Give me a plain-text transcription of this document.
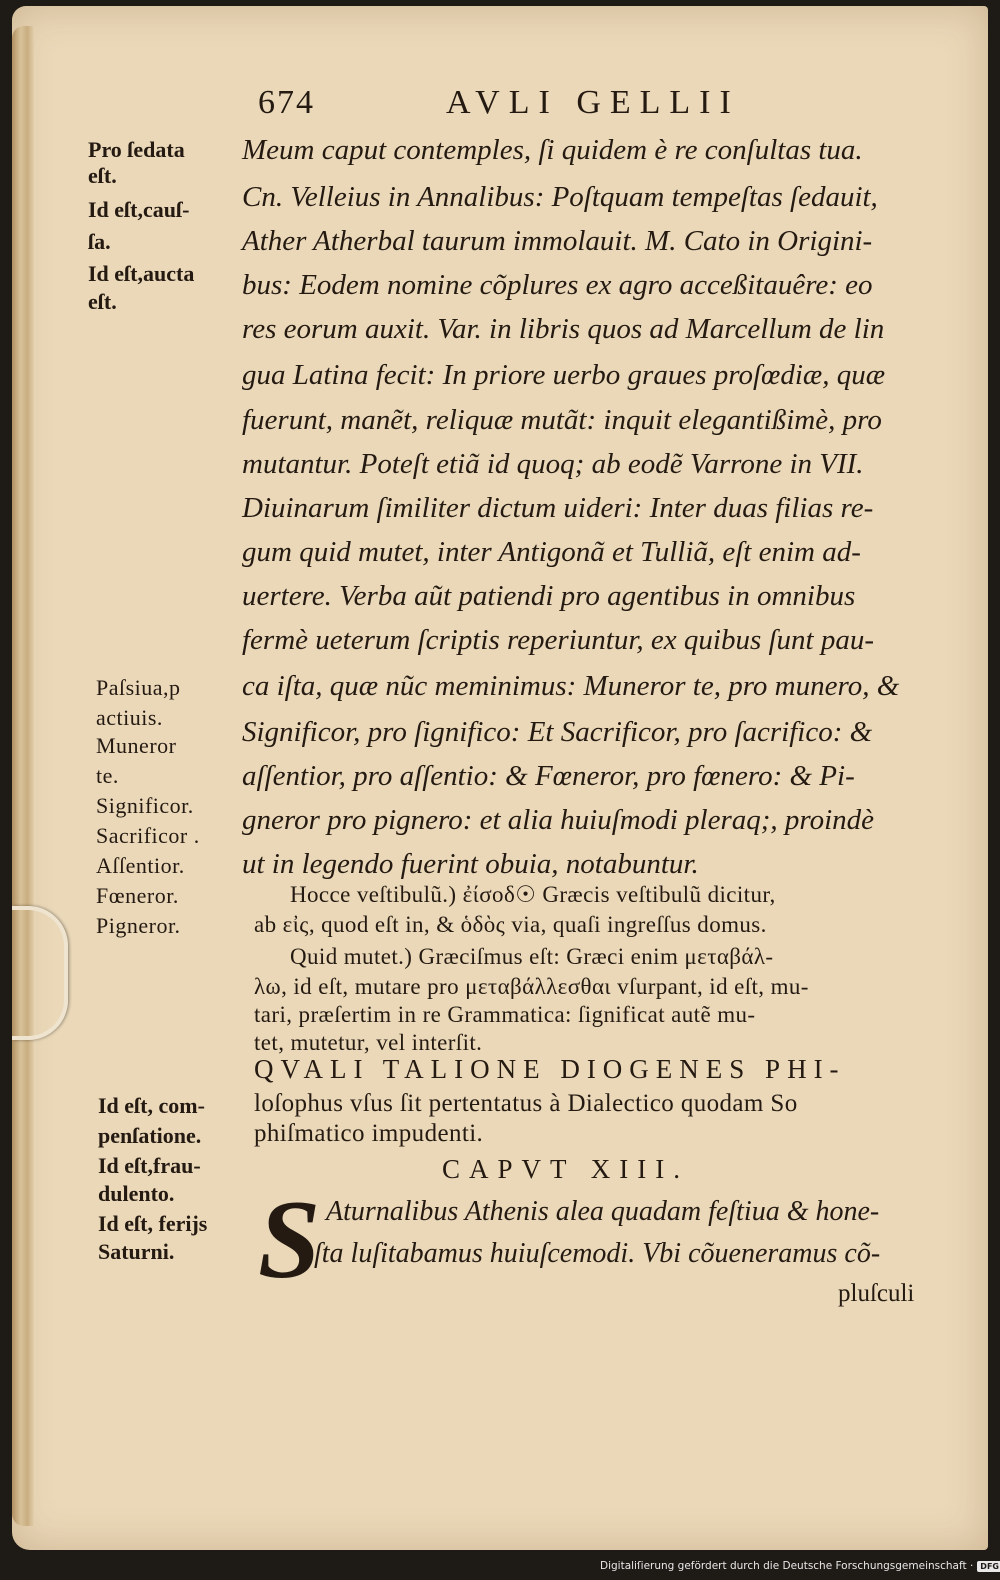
674	AVLI GELLII
Pro ſedata
eſt.
Id eſt,cauſ-
ſa.
Id eſt,aucta
eſt.
Paſsiua,p
actiuis.
Muneror
te.
Significor.
Sacrificor .
Aſſentior.
Fœneror.
Pigneror.
Id eſt, com-
penſatione.
Id eſt,frau-
dulento.
Id eſt, ferijs
Saturni.
Meum caput contemples, ſi quidem è re conſultas tua.
Cn. Velleius in Annalibus: Poſtquam tempeſtas ſedauit,
Ather Atherbal taurum immolauit. M. Cato in Origini-
bus: Eodem nomine cõplures ex agro acceßitauêre: eo
res eorum auxit. Var. in libris quos ad Marcellum de lin
gua Latina fecit: In priore uerbo graues proſœdiæ, quæ
fuerunt, manẽt, reliquæ mutãt: inquit elegantißimè, pro
mutantur. Poteſt etiã id quoq; ab eodẽ Varrone in VII.
Diuinarum ſimiliter dictum uideri: Inter duas filias re-
gum quid mutet, inter Antigonã et Tulliã, eſt enim ad-
uertere. Verba aũt patiendi pro agentibus in omnibus
fermè ueterum ſcriptis reperiuntur, ex quibus ſunt pau-
ca iſta, quæ nũc meminimus: Muneror te, pro munero, &
Significor, pro ſignifico: Et Sacrificor, pro ſacrifico: &
aſſentior, pro aſſentio: & Fœneror, pro fœnero: & Pi-
gneror pro pignero: et alia huiuſmodi pleraq;, proindè
ut in legendo fuerint obuia, notabuntur.
Hocce veſtibulũ.) ἐίσοδ☉ Græcis veſtibulũ dicitur,
ab εἰς, quod eſt in, & ὁδὸς via, quaſi ingreſſus domus.
Quid mutet.) Græciſmus eſt: Græci enim μεταβάλ-
λω, id eſt, mutare pro μεταβάλλεσθαι vſurpant, id eſt, mu-
tari, præſertim in re Grammatica: ſignificat autẽ mu-
tet, mutetur, vel interſit.
QVALI TALIONE DIOGENES PHI-
loſophus vſus ſit pertentatus à Dialectico quodam So
phiſmatico impudenti.
CAPVT XIII.
S Aturnalibus Athenis alea quadam feſtiua & hone-
ſta luſitabamus huiuſcemodi. Vbi cõueneramus cõ-
pluſculi
Digitaliſierung gefördert durch die Deutsche Forschungsgemeinschaft · DFG
